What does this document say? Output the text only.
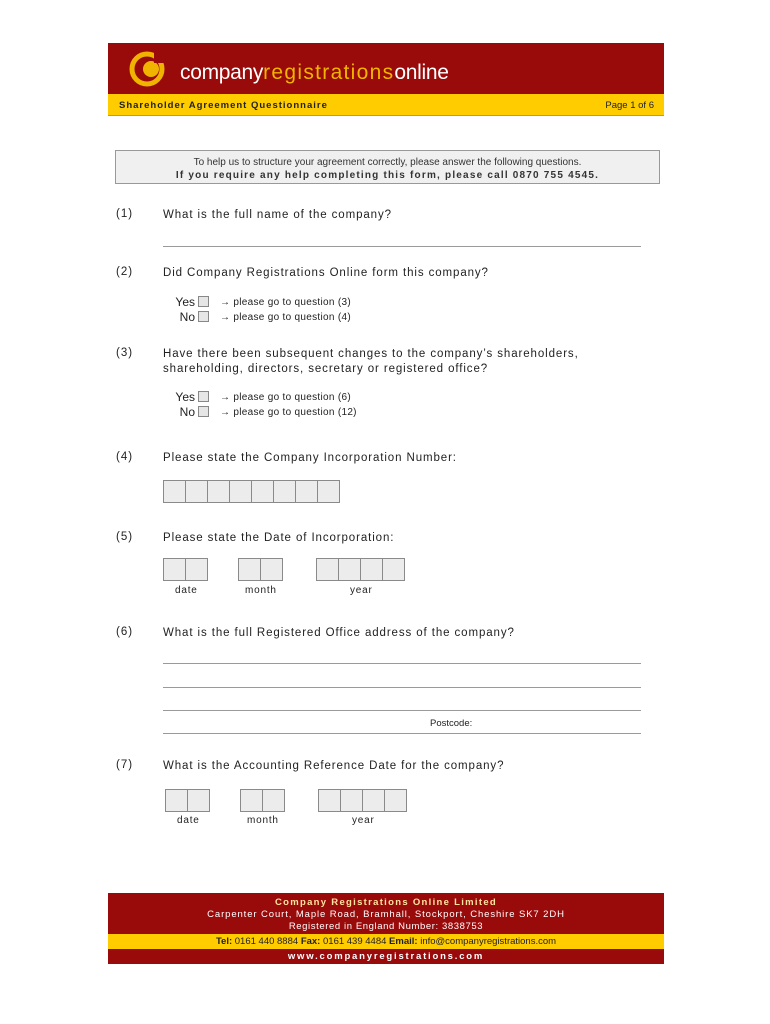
companyregistrationsonline
Shareholder Agreement Questionnaire	Page 1 of 6
To help us to structure your agreement correctly, please answer the following questions.
If you require any help completing this form, please call 0870 755 4545.
(1)	What is the full name of the company?
(2)	Did Company Registrations Online form this company?
Yes	→ please go to question (3)
No	→ please go to question (4)
(3)	Have there been subsequent changes to the company’s shareholders,
shareholding, directors, secretary or registered office?
Yes	→ please go to question (6)
No	→ please go to question (12)
(4)	Please state the Company Incorporation Number:
(5)	Please state the Date of Incorporation:
date	month	year
(6)	What is the full Registered Office address of the company?
Postcode:
(7)	What is the Accounting Reference Date for the company?
date	month	year
Company Registrations Online Limited
Carpenter Court, Maple Road, Bramhall, Stockport, Cheshire SK7 2DH
Registered in England Number: 3838753
Tel: 0161 440 8884 Fax: 0161 439 4484 Email: info@companyregistrations.com
www.companyregistrations.com
